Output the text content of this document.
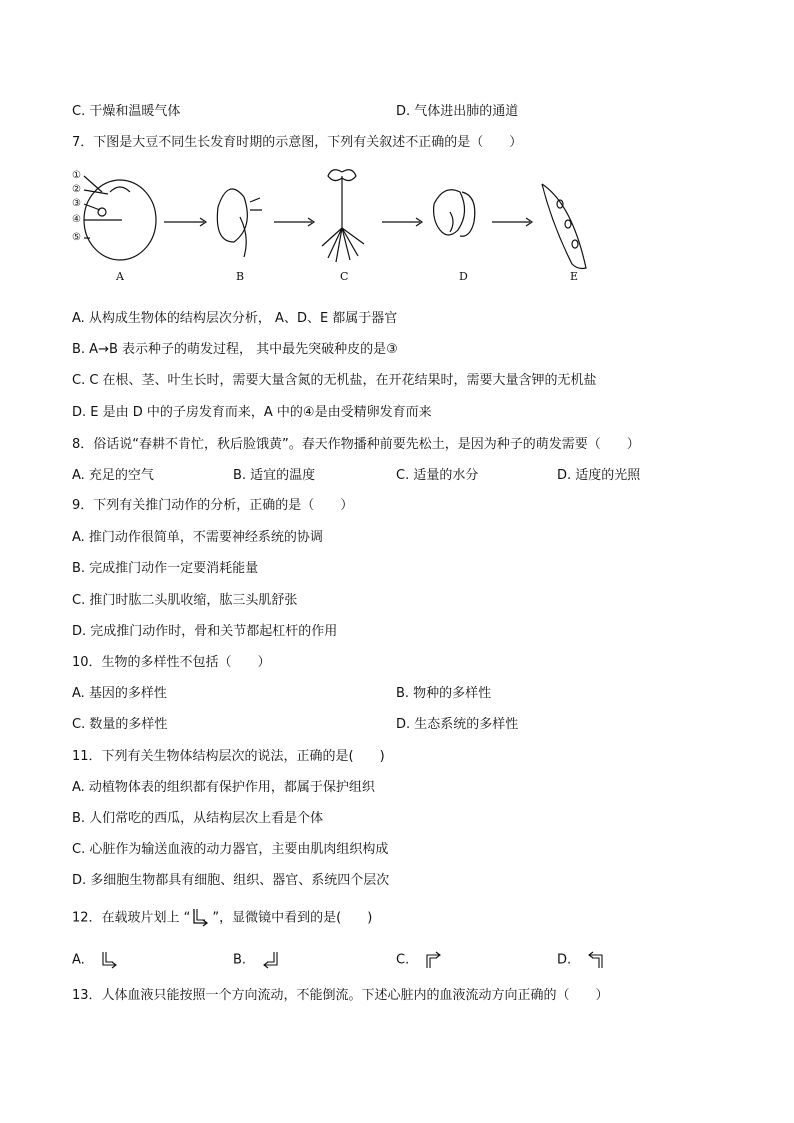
C. 干燥和温暖气体	D. 气体进出肺的通道
7．下图是大豆不同生长发育时期的示意图，下列有关叙述不正确的是（　　）
①
②
③
④
⑤
A	B	C	D	E
A. 从构成生物体的结构层次分析， A、D、E 都属于器官
B. A→B 表示种子的萌发过程， 其中最先突破种皮的是③
C. C 在根、茎、叶生长时，需要大量含氮的无机盐，在开花结果时，需要大量含钾的无机盐
D. E 是由 D 中的子房发育而来，A 中的④是由受精卵发育而来
8．俗话说“春耕不肯忙，秋后脸饿黄”。春天作物播种前要先松土，是因为种子的萌发需要（　　）
A. 充足的空气	B. 适宜的温度	C. 适量的水分	D. 适度的光照
9．下列有关推门动作的分析，正确的是（　　）
A. 推门动作很简单，不需要神经系统的协调
B. 完成推门动作一定要消耗能量
C. 推门时肱二头肌收缩，肱三头肌舒张
D. 完成推门动作时，骨和关节都起杠杆的作用
10．生物的多样性不包括（　　）
A. 基因的多样性	B. 物种的多样性
C. 数量的多样性	D. 生态系统的多样性
11．下列有关生物体结构层次的说法，正确的是(　　)
A. 动植物体表的组织都有保护作用，都属于保护组织
B. 人们常吃的西瓜，从结构层次上看是个体
C. 心脏作为输送血液的动力器官，主要由肌肉组织构成
D. 多细胞生物都具有细胞、组织、器官、系统四个层次
12．在载玻片划上 “ ”，显微镜中看到的是(　　)
A.	B.	C.	D.
13．人体血液只能按照一个方向流动，不能倒流。下述心脏内的血液流动方向正确的（　　）
